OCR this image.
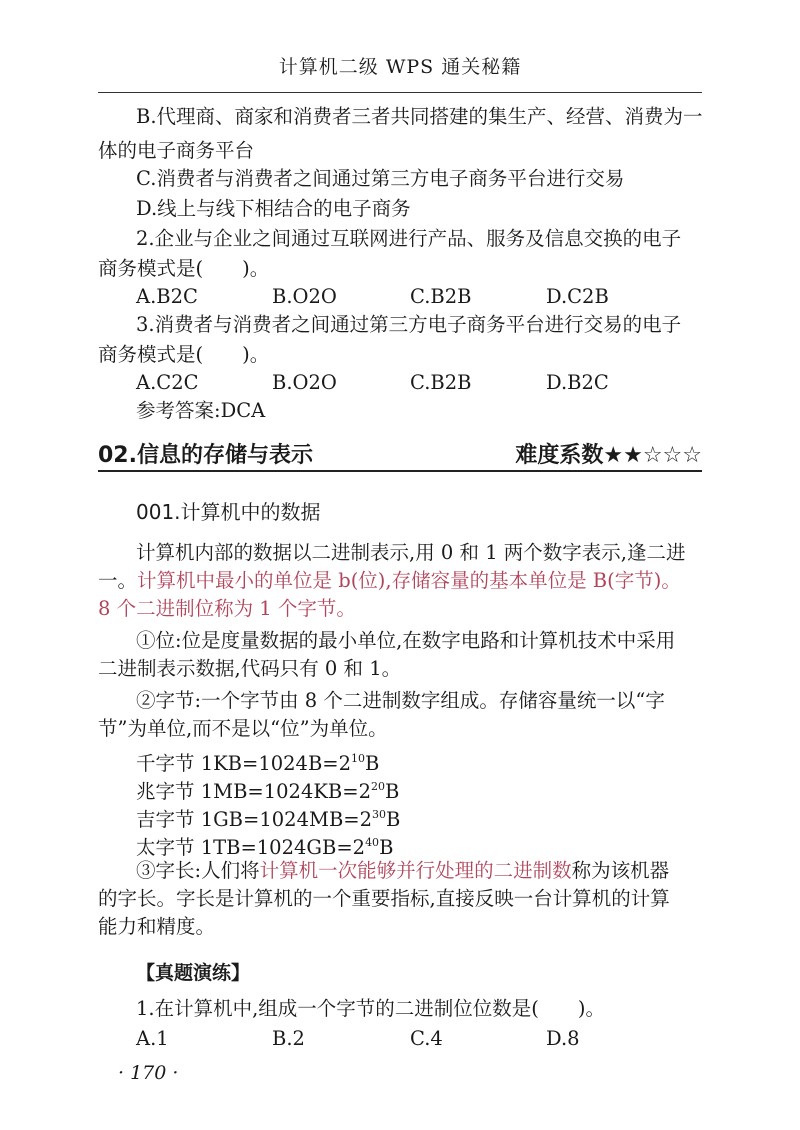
计算机二级 WPS 通关秘籍
B.代理商、商家和消费者三者共同搭建的集生产、经营、消费为一
体的电子商务平台
C.消费者与消费者之间通过第三方电子商务平台进行交易
D.线上与线下相结合的电子商务
2.企业与企业之间通过互联网进行产品、服务及信息交换的电子
商务模式是(　　)。
A.B2C	B.O2O	C.B2B	D.C2B
3.消费者与消费者之间通过第三方电子商务平台进行交易的电子
商务模式是(　　)。
A.C2C	B.O2O	C.B2B	D.B2C
参考答案:DCA
02.信息的存储与表示	难度系数★★☆☆☆
001.计算机中的数据
计算机内部的数据以二进制表示,用 0 和 1 两个数字表示,逢二进
一。计算机中最小的单位是 b(位),存储容量的基本单位是 B(字节)。
8 个二进制位称为 1 个字节。
①位:位是度量数据的最小单位,在数字电路和计算机技术中采用
二进制表示数据,代码只有 0 和 1。
②字节:一个字节由 8 个二进制数字组成。存储容量统一以“字
节”为单位,而不是以“位”为单位。
千字节 $1KB=1024B=2^{10}B$
兆字节 $1MB=1024KB=2^{20}B$
吉字节 $1GB=1024MB=2^{30}B$
太字节 $1TB=1024GB=2^{40}B$
③字长:人们将计算机一次能够并行处理的二进制数称为该机器
的字长。字长是计算机的一个重要指标,直接反映一台计算机的计算
能力和精度。
【真题演练】
1.在计算机中,组成一个字节的二进制位位数是(　　)。
A.1	B.2	C.4	D.8
· 170 ·
